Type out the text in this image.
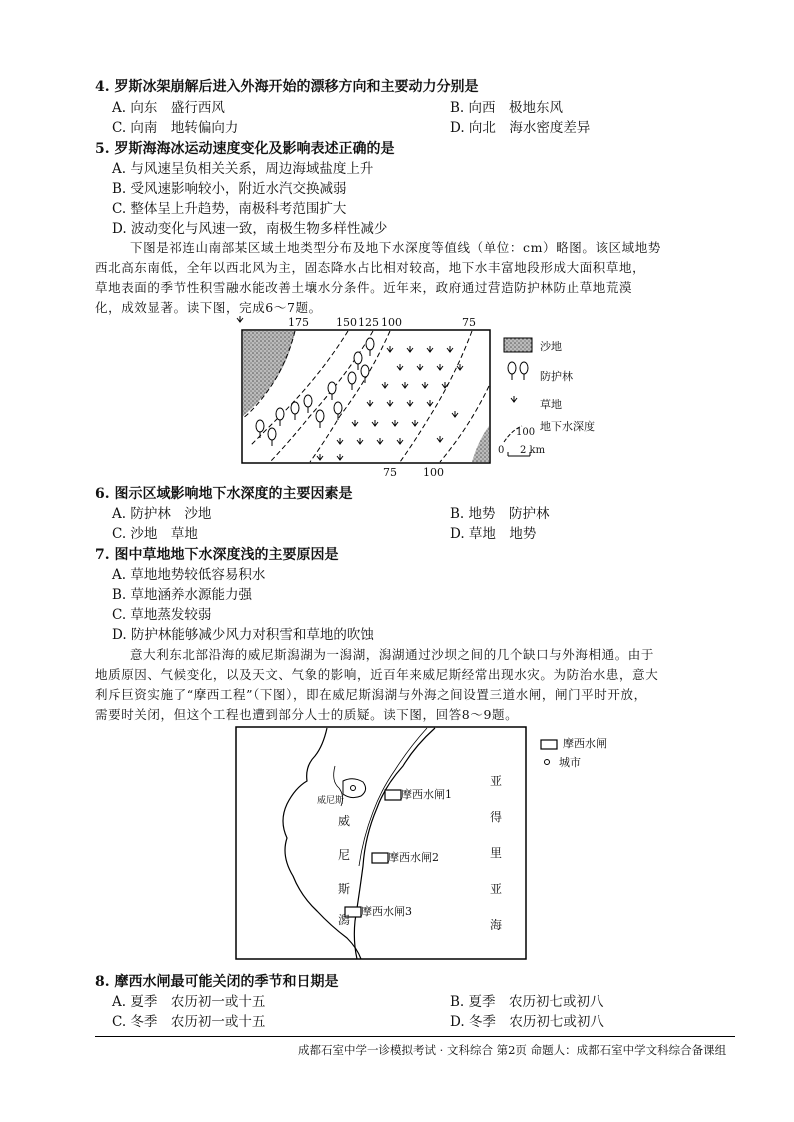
4. 罗斯冰架崩解后进入外海开始的漂移方向和主要动力分别是
A. 向东　盛行西风	B. 向西　极地东风
C. 向南　地转偏向力	D. 向北　海水密度差异
5. 罗斯海海冰运动速度变化及影响表述正确的是
A. 与风速呈负相关关系，周边海域盐度上升
B. 受风速影响较小，附近水汽交换减弱
C. 整体呈上升趋势，南极科考范围扩大
D. 波动变化与风速一致，南极生物多样性减少
下图是祁连山南部某区域土地类型分布及地下水深度等值线（单位：cm）略图。该区域地势
西北高东南低，全年以西北风为主，固态降水占比相对较高，地下水丰富地段形成大面积草地，
草地表面的季节性积雪融水能改善土壤水分条件。近年来，政府通过营造防护林防止草地荒漠
化，成效显著。读下图，完成6～7题。
175 150 125 100	75
75 100
沙地
防护林
草地
100 地下水深度
0 2 km
6. 图示区域影响地下水深度的主要因素是
A. 防护林　沙地	B. 地势　防护林
C. 沙地　草地	D. 草地　地势
7. 图中草地地下水深度浅的主要原因是
A. 草地地势较低容易积水
B. 草地涵养水源能力强
C. 草地蒸发较弱
D. 防护林能够减少风力对积雪和草地的吹蚀
意大利东北部沿海的威尼斯潟湖为一潟湖，潟湖通过沙坝之间的几个缺口与外海相通。由于
地质原因、气候变化，以及天文、气象的影响，近百年来威尼斯经常出现水灾。为防治水患，意大
利斥巨资实施了“摩西工程”（下图），即在威尼斯潟湖与外海之间设置三道水闸，闸门平时开放，
需要时关闭，但这个工程也遭到部分人士的质疑。读下图，回答8～9题。
摩西水闸1
摩西水闸2
摩西水闸3
威尼斯
威
尼
斯
潟
亚
得
里
亚
海
摩西水闸
城市
8. 摩西水闸最可能关闭的季节和日期是
A. 夏季　农历初一或十五	B. 夏季　农历初七或初八
C. 冬季　农历初一或十五	D. 冬季　农历初七或初八
成都石室中学一诊模拟考试 · 文科综合 第2页 命题人：成都石室中学文科综合备课组
